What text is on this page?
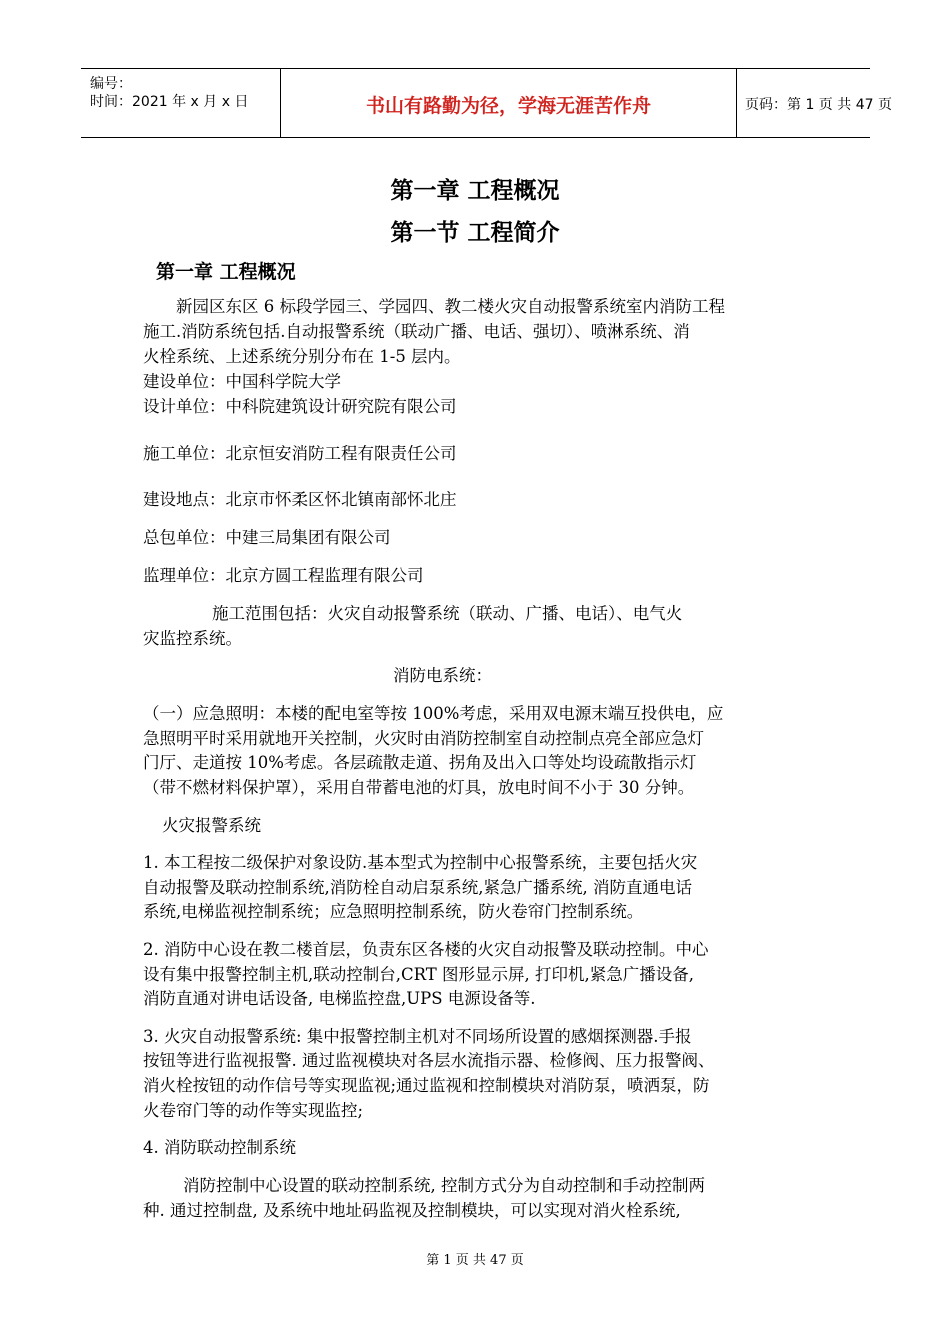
编号：
时间：2021 年 x 月 x 日	书山有路勤为径，学海无涯苦作舟	页码：第 1 页 共 47 页
第一章 工程概况
第一节 工程简介
第一章 工程概况
新园区东区 6 标段学园三、学园四、教二楼火灾自动报警系统室内消防工程
施工.消防系统包括.自动报警系统（联动广播、电话、强切）、喷淋系统、消
火栓系统、上述系统分别分布在 1-5 层内。
建设单位：中国科学院大学
设计单位：中科院建筑设计研究院有限公司
施工单位：北京恒安消防工程有限责任公司
建设地点：北京市怀柔区怀北镇南部怀北庄
总包单位：中建三局集团有限公司
监理单位：北京方圆工程监理有限公司
施工范围包括：火灾自动报警系统（联动、广播、电话）、电气火
灾监控系统。
消防电系统：
（一）应急照明：本楼的配电室等按 100%考虑，采用双电源末端互投供电，应
急照明平时采用就地开关控制，火灾时由消防控制室自动控制点亮全部应急灯
门厅、走道按 10%考虑。各层疏散走道、拐角及出入口等处均设疏散指示灯
（带不燃材料保护罩），采用自带蓄电池的灯具，放电时间不小于 30 分钟。
火灾报警系统
1. 本工程按二级保护对象设防.基本型式为控制中心报警系统，主要包括火灾
自动报警及联动控制系统,消防栓自动启泵系统,紧急广播系统, 消防直通电话
系统,电梯监视控制系统；应急照明控制系统，防火卷帘门控制系统。
2. 消防中心设在教二楼首层，负责东区各楼的火灾自动报警及联动控制。中心
设有集中报警控制主机,联动控制台,CRT 图形显示屏, 打印机,紧急广播设备,
消防直通对讲电话设备, 电梯监控盘,UPS 电源设备等.
3. 火灾自动报警系统: 集中报警控制主机对不同场所设置的感烟探测器.手报
按钮等进行监视报警. 通过监视模块对各层水流指示器、检修阀、压力报警阀、
消火栓按钮的动作信号等实现监视;通过监视和控制模块对消防泵，喷洒泵，防
火卷帘门等的动作等实现监控;
4. 消防联动控制系统
消防控制中心设置的联动控制系统, 控制方式分为自动控制和手动控制两
种. 通过控制盘, 及系统中地址码监视及控制模块，可以实现对消火栓系统,
第 1 页 共 47 页
